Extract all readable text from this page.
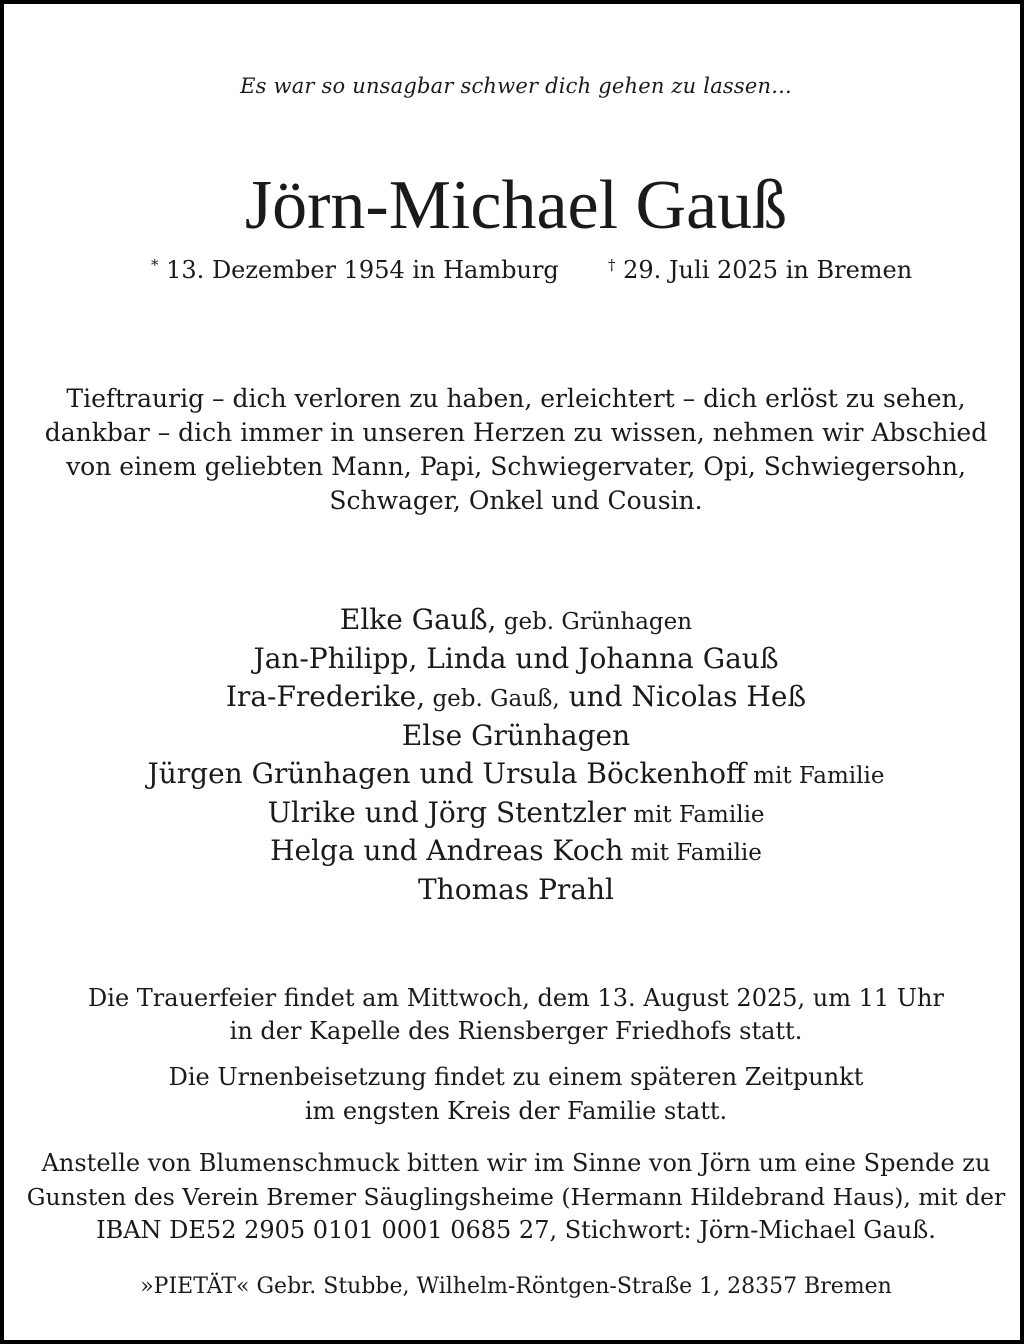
Es war so unsagbar schwer dich gehen zu lassen...
Jörn-Michael Gauß
* 13. Dezember 1954 in Hamburg	† 29. Juli 2025 in Bremen
Tieftraurig – dich verloren zu haben, erleichtert – dich erlöst zu sehen,
dankbar – dich immer in unseren Herzen zu wissen, nehmen wir Abschied
von einem geliebten Mann, Papi, Schwiegervater, Opi, Schwiegersohn,
Schwager, Onkel und Cousin.
Elke Gauß, geb. Grünhagen
Jan-Philipp, Linda und Johanna Gauß
Ira-Frederike, geb. Gauß, und Nicolas Heß
Else Grünhagen
Jürgen Grünhagen und Ursula Böckenhoff mit Familie
Ulrike und Jörg Stentzler mit Familie
Helga und Andreas Koch mit Familie
Thomas Prahl
Die Trauerfeier findet am Mittwoch, dem 13. August 2025, um 11 Uhr
in der Kapelle des Riensberger Friedhofs statt.
Die Urnenbeisetzung findet zu einem späteren Zeitpunkt
im engsten Kreis der Familie statt.
Anstelle von Blumenschmuck bitten wir im Sinne von Jörn um eine Spende zu
Gunsten des Verein Bremer Säuglingsheime (Hermann Hildebrand Haus), mit der
IBAN DE52 2905 0101 0001 0685 27, Stichwort: Jörn-Michael Gauß.
»PIETÄT« Gebr. Stubbe, Wilhelm-Röntgen-Straße 1, 28357 Bremen
